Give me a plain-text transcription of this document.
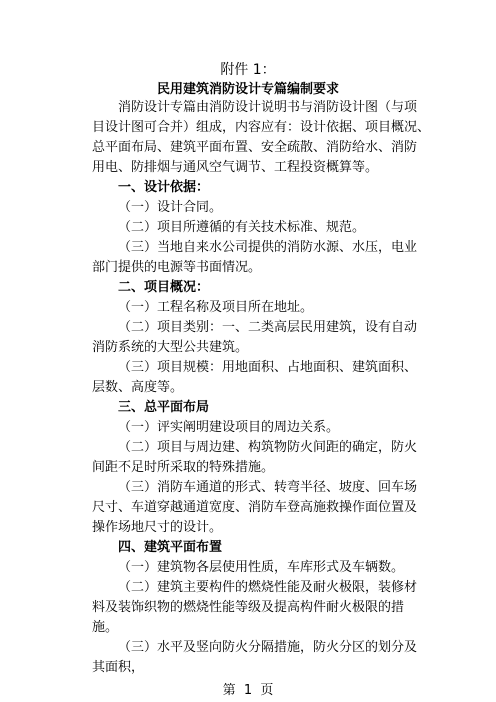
附件 1：

民用建筑消防设计专篇编制要求

消防设计专篇由消防设计说明书与消防设计图（与项

目设计图可合并）组成，内容应有：设计依据、项目概况、

总平面布局、建筑平面布置、安全疏散、消防给水、消防

用电、防排烟与通风空气调节、工程投资概算等。

一、设计依据：

（一）设计合同。

（二）项目所遵循的有关技术标准、规范。

（三）当地自来水公司提供的消防水源、水压，电业

部门提供的电源等书面情况。

二、项目概况：

（一）工程名称及项目所在地址。

（二）项目类别：一、二类高层民用建筑，设有自动

消防系统的大型公共建筑。

（三）项目规模：用地面积、占地面积、建筑面积、

层数、高度等。

三、总平面布局

（一）评实阐明建设项目的周边关系。

（二）项目与周边建、构筑物防火间距的确定，防火

间距不足时所采取的特殊措施。

（三）消防车通道的形式、转弯半径、坡度、回车场

尺寸、车道穿越通道宽度、消防车登高施救操作面位置及

操作场地尺寸的设计。

四、建筑平面布置

（一）建筑物各层使用性质，车库形式及车辆数。

（二）建筑主要构件的燃烧性能及耐火极限，装修材

料及装饰织物的燃烧性能等级及提高构件耐火极限的措

施。

（三）水平及竖向防火分隔措施，防火分区的划分及

其面积，

第  1  页
